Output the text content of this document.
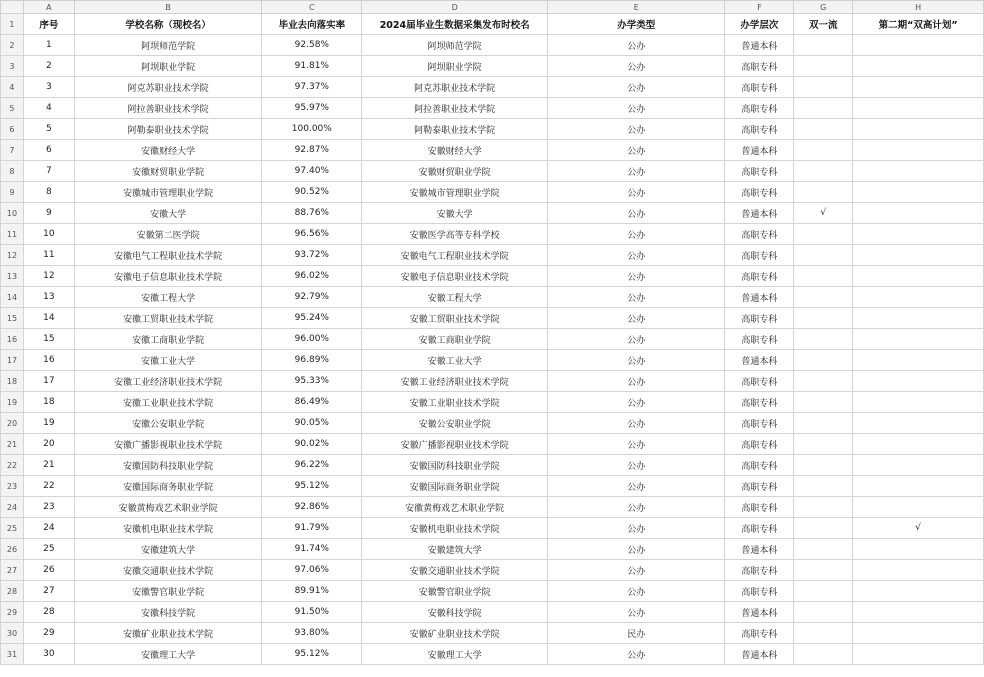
	A	B	C	D	E	F	G	H
1	序号	学校名称（现校名）	毕业去向落实率	2024届毕业生数据采集发布时校名	办学类型	办学层次	双一流	第二期“双高计划”
2	1	阿坝师范学院	92.58%	阿坝师范学院	公办	普通本科		
3	2	阿坝职业学院	91.81%	阿坝职业学院	公办	高职专科		
4	3	阿克苏职业技术学院	97.37%	阿克苏职业技术学院	公办	高职专科		
5	4	阿拉善职业技术学院	95.97%	阿拉善职业技术学院	公办	高职专科		
6	5	阿勒泰职业技术学院	100.00%	阿勒泰职业技术学院	公办	高职专科		
7	6	安徽财经大学	92.87%	安徽财经大学	公办	普通本科		
8	7	安徽财贸职业学院	97.40%	安徽财贸职业学院	公办	高职专科		
9	8	安徽城市管理职业学院	90.52%	安徽城市管理职业学院	公办	高职专科		
10	9	安徽大学	88.76%	安徽大学	公办	普通本科	√	
11	10	安徽第二医学院	96.56%	安徽医学高等专科学校	公办	高职专科		
12	11	安徽电气工程职业技术学院	93.72%	安徽电气工程职业技术学院	公办	高职专科		
13	12	安徽电子信息职业技术学院	96.02%	安徽电子信息职业技术学院	公办	高职专科		
14	13	安徽工程大学	92.79%	安徽工程大学	公办	普通本科		
15	14	安徽工贸职业技术学院	95.24%	安徽工贸职业技术学院	公办	高职专科		
16	15	安徽工商职业学院	96.00%	安徽工商职业学院	公办	高职专科		
17	16	安徽工业大学	96.89%	安徽工业大学	公办	普通本科		
18	17	安徽工业经济职业技术学院	95.33%	安徽工业经济职业技术学院	公办	高职专科		
19	18	安徽工业职业技术学院	86.49%	安徽工业职业技术学院	公办	高职专科		
20	19	安徽公安职业学院	90.05%	安徽公安职业学院	公办	高职专科		
21	20	安徽广播影视职业技术学院	90.02%	安徽广播影视职业技术学院	公办	高职专科		
22	21	安徽国防科技职业学院	96.22%	安徽国防科技职业学院	公办	高职专科		
23	22	安徽国际商务职业学院	95.12%	安徽国际商务职业学院	公办	高职专科		
24	23	安徽黄梅戏艺术职业学院	92.86%	安徽黄梅戏艺术职业学院	公办	高职专科		
25	24	安徽机电职业技术学院	91.79%	安徽机电职业技术学院	公办	高职专科		√
26	25	安徽建筑大学	91.74%	安徽建筑大学	公办	普通本科		
27	26	安徽交通职业技术学院	97.06%	安徽交通职业技术学院	公办	高职专科		
28	27	安徽警官职业学院	89.91%	安徽警官职业学院	公办	高职专科		
29	28	安徽科技学院	91.50%	安徽科技学院	公办	普通本科		
30	29	安徽矿业职业技术学院	93.80%	安徽矿业职业技术学院	民办	高职专科		
31	30	安徽理工大学	95.12%	安徽理工大学	公办	普通本科		
